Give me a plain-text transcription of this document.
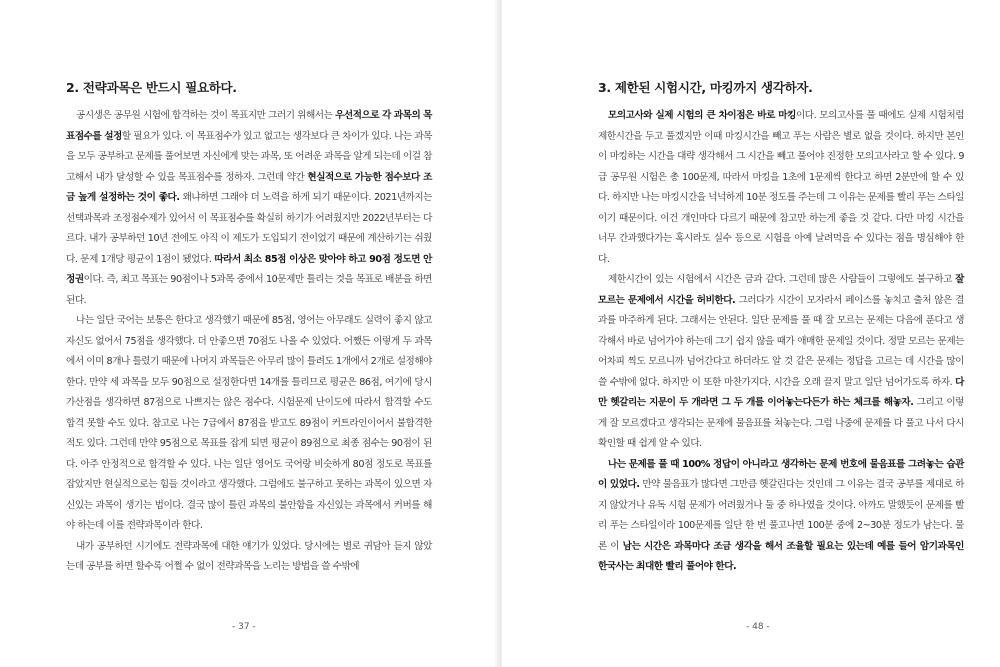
2. 전략과목은 반드시 필요하다.

공시생은 공무원 시험에 합격하는 것이 목표지만 그러기 위해서는 우선적으로 각 과목의 목표점수를 설정할 필요가 있다. 이 목표점수가 있고 없고는 생각보다 큰 차이가 있다. 나는 과목을 모두 공부하고 문제를 풀어보면 자신에게 맞는 과목, 또 어려운 과목을 알게 되는데 이걸 참고해서 내가 달성할 수 있을 목표점수를 정하자. 그런데 약간 현실적으로 가능한 점수보다 조금 높게 설정하는 것이 좋다. 왜냐하면 그래야 더 노력을 하게 되기 때문이다. 2021년까지는 선택과목과 조정점수제가 있어서 이 목표점수를 확실히 하기가 어려웠지만 2022년부터는 다르다. 내가 공부하던 10년 전에도 아직 이 제도가 도입되기 전이었기 때문에 계산하기는 쉬웠다. 문제 1개당 평균이 1점이 됐었다. 따라서 최소 85점 이상은 맞아야 하고 90점 정도면 안정권이다. 즉, 최고 목표는 90점이나 5과목 중에서 10문제만 틀리는 것을 목표로 배분을 하면 된다.

나는 일단 국어는 보통은 한다고 생각했기 때문에 85점, 영어는 아무래도 실력이 좋지 않고 자신도 없어서 75점을 생각했다. 더 안좋으면 70점도 나올 수 있었다. 어쨌든 이렇게 두 과목에서 이미 8개나 틀렸기 때문에 나머지 과목들은 아무리 많이 틀려도 1개에서 2개로 설정해야 한다. 만약 세 과목을 모두 90점으로 설정한다면 14개를 틀리므로 평균은 86점, 여기에 당시 가산점을 생각하면 87점으로 나쁘지는 않은 점수다. 시험문제 난이도에 따라서 합격할 수도 합격 못할 수도 있다. 참고로 나는 7급에서 87점을 받고도 89점이 커트라인이어서 불합격한 적도 있다. 그런데 만약 95점으로 목표를 잡게 되면 평균이 89점으로 최종 점수는 90점이 된다. 아주 안정적으로 합격할 수 있다. 나는 일단 영어도 국어랑 비슷하게 80점 정도로 목표를 잡았지만 현실적으로는 힘들 것이라고 생각했다. 그럼에도 불구하고 못하는 과목이 있으면 자신있는 과목이 생기는 법이다. 결국 많이 틀린 과목의 불안함을 자신있는 과목에서 커버를 해야 하는데 이를 전략과목이라 한다.

내가 공부하던 시기에도 전략과목에 대한 얘기가 있었다. 당시에는 별로 귀담아 듣지 않았는데 공부를 하면 할수록 어쩔 수 없이 전략과목을 노리는 방법을 쓸 수밖에

- 37 -
3. 제한된 시험시간, 마킹까지 생각하자.

모의고사와 실제 시험의 큰 차이점은 바로 마킹이다. 모의고사를 풀 때에도 실제 시험처럼 제한시간을 두고 풀겠지만 이때 마킹시간을 빼고 푸는 사람은 별로 없을 것이다. 하지만 본인이 마킹하는 시간을 대략 생각해서 그 시간을 빼고 풀어야 진정한 모의고사라고 할 수 있다. 9급 공무원 시험은 총 100문제, 따라서 마킹을 1초에 1문제씩 한다고 하면 2분만에 할 수 있다. 하지만 나는 마킹시간을 넉넉하게 10분 정도를 주는데 그 이유는 문제를 빨리 푸는 스타일이기 때문이다. 이건 개인마다 다르기 때문에 참고만 하는게 좋을 것 같다. 다만 마킹 시간을 너무 간과했다가는 혹시라도 실수 등으로 시험을 아예 날려먹을 수 있다는 점을 명심해야 한다.

제한시간이 있는 시험에서 시간은 금과 같다. 그런데 많은 사람들이 그렇에도 불구하고 잘 모르는 문제에서 시간을 허비한다. 그러다가 시간이 모자라서 페이스를 놓치고 출처 않은 결과를 마주하게 된다. 그래서는 안된다. 일단 문제를 풀 때 잘 모르는 문제는 다음에 푼다고 생각해서 바로 넘어가야 하는데 그기 쉽지 않을 때가 애매한 문제일 것이다. 정말 모르는 문제는 어차피 찍도 모르니까 넘어간다고 하더라도 알 것 같은 문제는 정답을 고르는 데 시간을 많이 쓸 수밖에 없다. 하지만 이 또한 마찬가지다. 시간을 오래 끌지 말고 일단 넘어가도록 하자. 다만 헷갈리는 지문이 두 개라면 그 두 개를 이어놓는다든가 하는 체크를 해놓자. 그리고 이렇게 잘 모르겠다고 생각되는 문제에 물음표를 쳐놓는다. 그럼 나중에 문제를 다 풀고 나서 다시 확인할 때 쉽게 알 수 있다.

나는 문제를 풀 때 100% 정답이 아니라고 생각하는 문제 번호에 물음표를 그려놓는 습관이 있었다. 만약 물음표가 많다면 그만큼 헷갈린다는 것인데 그 이유는 결국 공부를 제대로 하지 않았거나 유독 시험 문제가 어려웠거나 둘 중 하나였을 것이다. 아까도 말했듯이 문제를 빨리 푸는 스타일이라 100문제를 일단 한 번 풀고나면 100분 중에 2~30분 정도가 남는다. 물론 이 남는 시간은 과목마다 조금 생각을 해서 조율할 필요는 있는데 예를 들어 암기과목인 한국사는 최대한 빨리 풀어야 한다.

- 48 -
